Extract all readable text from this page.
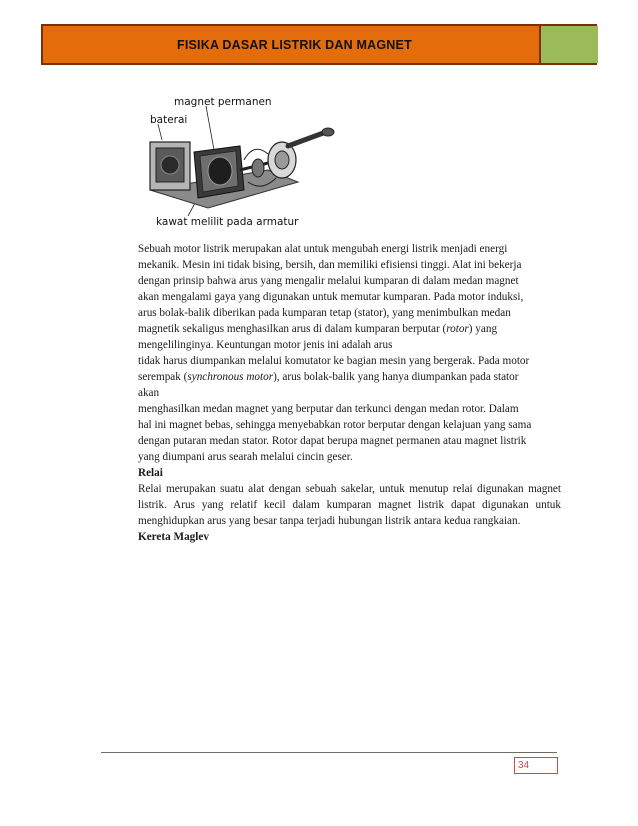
FISIKA DASAR LISTRIK DAN MAGNET
magnet permanen
baterai
kawat melilit pada armatur

Sebuah motor listrik merupakan alat untuk mengubah energi listrik menjadi energi
mekanik. Mesin ini tidak bising, bersih, dan memiliki efisiensi tinggi. Alat ini bekerja
dengan prinsip bahwa arus yang mengalir melalui kumparan di dalam medan magnet
akan mengalami gaya yang digunakan untuk memutar kumparan. Pada motor induksi,
arus bolak-balik diberikan pada kumparan tetap (stator), yang menimbulkan medan
magnetik sekaligus menghasilkan arus di dalam kumparan berputar (rotor) yang
mengelilinginya. Keuntungan motor jenis ini adalah arus

tidak harus diumpankan melalui komutator ke bagian mesin yang bergerak. Pada motor
serempak (synchronous motor), arus bolak-balik yang hanya diumpankan pada stator
akan

menghasilkan medan magnet yang berputar dan terkunci dengan medan rotor. Dalam
hal ini magnet bebas, sehingga menyebabkan rotor berputar dengan kelajuan yang sama
dengan putaran medan stator. Rotor dapat berupa magnet permanen atau magnet listrik
yang diumpani arus searah melalui cincin geser.

Relai

Relai merupakan suatu alat dengan sebuah sakelar, untuk menutup relai digunakan magnet listrik. Arus yang relatif kecil dalam kumparan magnet listrik dapat digunakan untuk menghidupkan arus yang besar tanpa terjadi hubungan listrik antara kedua rangkaian.

Kereta Maglev

34
